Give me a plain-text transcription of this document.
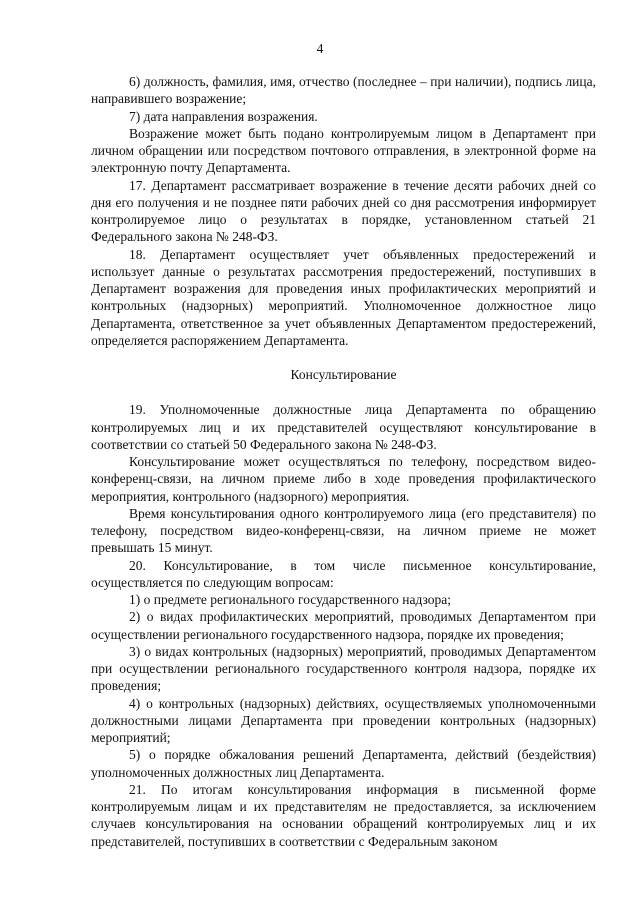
4

6) должность, фамилия, имя, отчество (последнее – при наличии), подпись лица, направившего возражение;

7) дата направления возражения.

Возражение может быть подано контролируемым лицом в Департамент при личном обращении или посредством почтового отправления, в электронной форме на электронную почту Департамента.

17. Департамент рассматривает возражение в течение десяти рабочих дней со дня его получения и не позднее пяти рабочих дней со дня рассмотрения информирует контролируемое лицо о результатах в порядке, установленном статьей 21 Федерального закона № 248-ФЗ.

18. Департамент осуществляет учет объявленных предостережений и использует данные о результатах рассмотрения предостережений, поступивших в Департамент возражения для проведения иных профилактических мероприятий и контрольных (надзорных) мероприятий. Уполномоченное должностное лицо Департамента, ответственное за учет объявленных Департаментом предостережений, определяется распоряжением Департамента.

Консультирование

19. Уполномоченные должностные лица Департамента по обращению контролируемых лиц и их представителей осуществляют консультирование в соответствии со статьей 50 Федерального закона № 248-ФЗ.

Консультирование может осуществляться по телефону, посредством видео-конференц-связи, на личном приеме либо в ходе проведения профилактического мероприятия, контрольного (надзорного) мероприятия.

Время консультирования одного контролируемого лица (его представителя) по телефону, посредством видео-конференц-связи, на личном приеме не может превышать 15 минут.

20. Консультирование, в том числе письменное консультирование, осуществляется по следующим вопросам:

1) о предмете регионального государственного надзора;

2) о видах профилактических мероприятий, проводимых Департаментом при осуществлении регионального государственного надзора, порядке их проведения;

3) о видах контрольных (надзорных) мероприятий, проводимых Департаментом при осуществлении регионального государственного контроля надзора, порядке их проведения;

4) о контрольных (надзорных) действиях, осуществляемых уполномоченными должностными лицами Департамента при проведении контрольных (надзорных) мероприятий;

5) о порядке обжалования решений Департамента, действий (бездействия) уполномоченных должностных лиц Департамента.

21. По итогам консультирования информация в письменной форме контролируемым лицам и их представителям не предоставляется, за исключением случаев консультирования на основании обращений контролируемых лиц и их представителей, поступивших в соответствии с Федеральным законом
